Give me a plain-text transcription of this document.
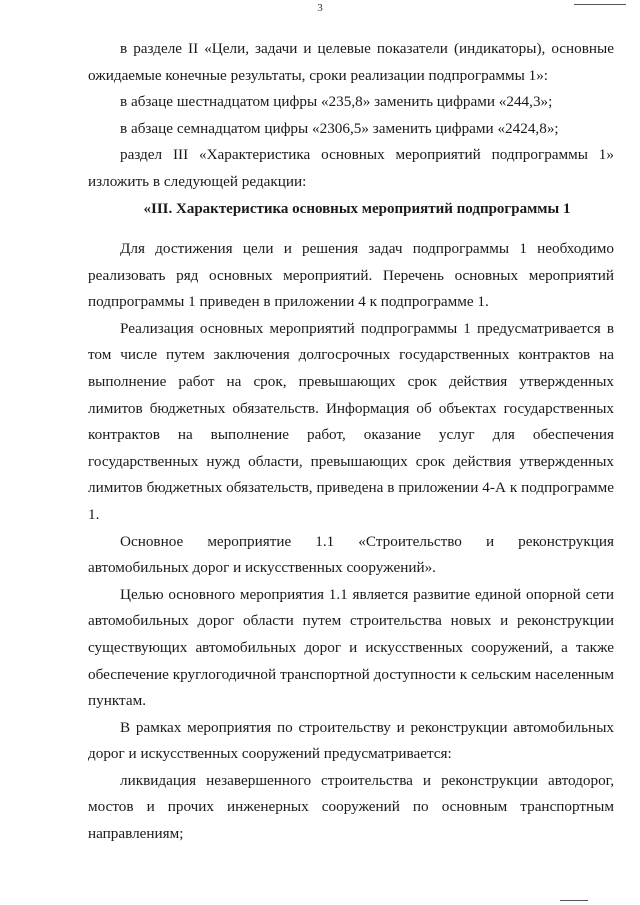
3

в разделе II «Цели, задачи и целевые показатели (индикаторы), основные ожидаемые конечные результаты, сроки реализации подпрограммы 1»:

в абзаце шестнадцатом цифры «235,8» заменить цифрами «244,3»;

в абзаце семнадцатом цифры «2306,5» заменить цифрами «2424,8»;

раздел III «Характеристика основных мероприятий подпрограммы 1» изложить в следующей редакции:

«III. Характеристика основных мероприятий подпрограммы 1

Для достижения цели и решения задач подпрограммы 1 необходимо реализовать ряд основных мероприятий. Перечень основных мероприятий подпрограммы 1 приведен в приложении 4 к подпрограмме 1.

Реализация основных мероприятий подпрограммы 1 предусматривается в том числе путем заключения долгосрочных государственных контрактов на выполнение работ на срок, превышающих срок действия утвержденных лимитов бюджетных обязательств. Информация об объектах государственных контрактов на выполнение работ, оказание услуг для обеспечения государственных нужд области, превышающих срок действия утвержденных лимитов бюджетных обязательств, приведена в приложении 4-А к подпрограмме 1.

Основное мероприятие 1.1 «Строительство и реконструкция автомобильных дорог и искусственных сооружений».

Целью основного мероприятия 1.1 является развитие единой опорной сети автомобильных дорог области путем строительства новых и реконструкции существующих автомобильных дорог и искусственных сооружений, а также обеспечение круглогодичной транспортной доступности к сельским населенным пунктам.

В рамках мероприятия по строительству и реконструкции автомобильных дорог и искусственных сооружений предусматривается:

ликвидация незавершенного строительства и реконструкции автодорог, мостов и прочих инженерных сооружений по основным транспортным направлениям;
